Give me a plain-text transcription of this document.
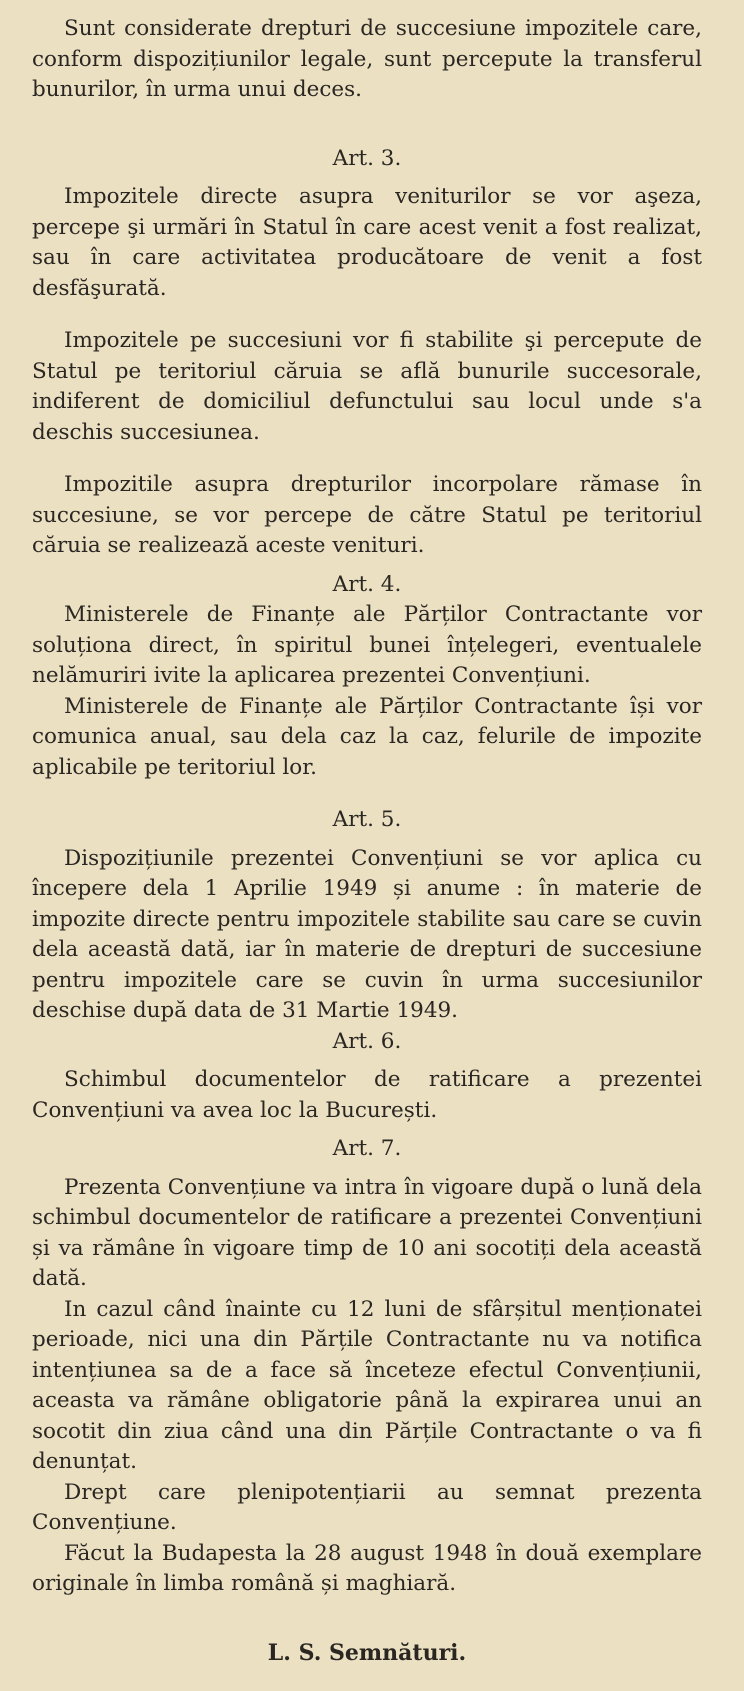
Sunt considerate drepturi de succesiune impozitele care, conform dispozițiunilor legale, sunt percepute la transferul bunurilor, în urma unui deces.

Art. 3.

Impozitele directe asupra veniturilor se vor aşeza, percepe şi urmări în Statul în care acest venit a fost realizat, sau în care activitatea producătoare de venit a fost desfăşurată.

Impozitele pe succesiuni vor fi stabilite şi percepute de Statul pe teritoriul căruia se află bunurile succesorale, indiferent de domiciliul defunctului sau locul unde s'a deschis succesiunea.

Impozitile asupra drepturilor incorpolare rămase în succesiune, se vor percepe de către Statul pe teritoriul căruia se realizează aceste venituri.

Art. 4.

Ministerele de Finanțe ale Părților Contractante vor soluționa direct, în spiritul bunei înțelegeri, eventualele nelămuriri ivite la aplicarea prezentei Convențiuni.

Ministerele de Finanțe ale Părților Contractante își vor comunica anual, sau dela caz la caz, felurile de impozite aplicabile pe teritoriul lor.

Art. 5.

Dispozițiunile prezentei Convențiuni se vor aplica cu începere dela 1 Aprilie 1949 și anume : în materie de impozite directe pentru impozitele stabilite sau care se cuvin dela această dată, iar în materie de drepturi de succesiune pentru impozitele care se cuvin în urma succesiunilor deschise după data de 31 Martie 1949.

Art. 6.

Schimbul documentelor de ratificare a prezentei Convențiuni va avea loc la București.

Art. 7.

Prezenta Convențiune va intra în vigoare după o lună dela schimbul documentelor de ratificare a prezentei Convențiuni și va rămâne în vigoare timp de 10 ani socotiți dela această dată.

In cazul când înainte cu 12 luni de sfârșitul menționatei perioade, nici una din Părțile Contractante nu va notifica intențiunea sa de a face să înceteze efectul Convențiunii, aceasta va rămâne obligatorie până la expirarea unui an socotit din ziua când una din Părțile Contractante o va fi denunțat.

Drept care plenipotențiarii au semnat prezenta Convențiune.

Făcut la Budapesta la 28 august 1948 în două exemplare originale în limba română și maghiară.

L. S. Semnături.
